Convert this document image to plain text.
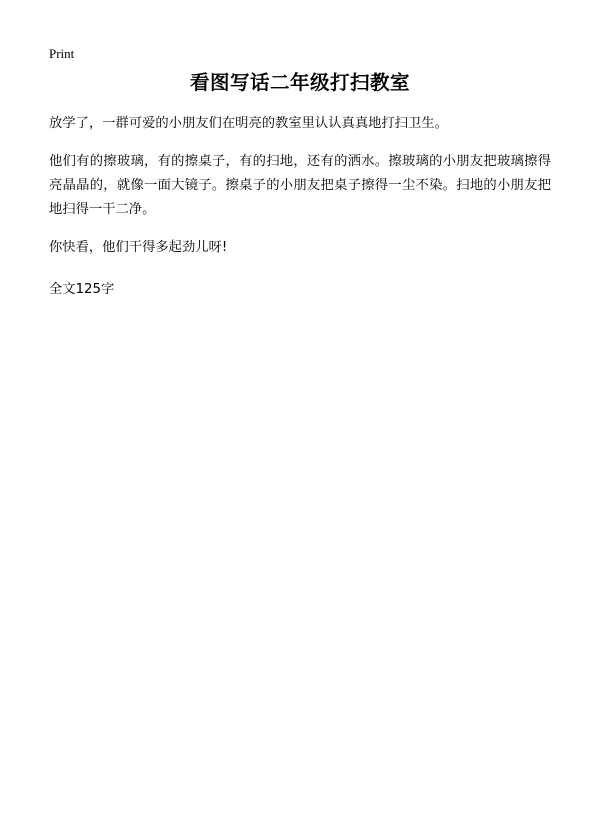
Print
看图写话二年级打扫教室

放学了，一群可爱的小朋友们在明亮的教室里认认真真地打扫卫生。

他们有的擦玻璃，有的擦桌子，有的扫地，还有的洒水。擦玻璃的小朋友把玻璃擦得亮晶晶的，就像一面大镜子。擦桌子的小朋友把桌子擦得一尘不染。扫地的小朋友把地扫得一干二净。

你快看，他们干得多起劲儿呀!

全文125字
